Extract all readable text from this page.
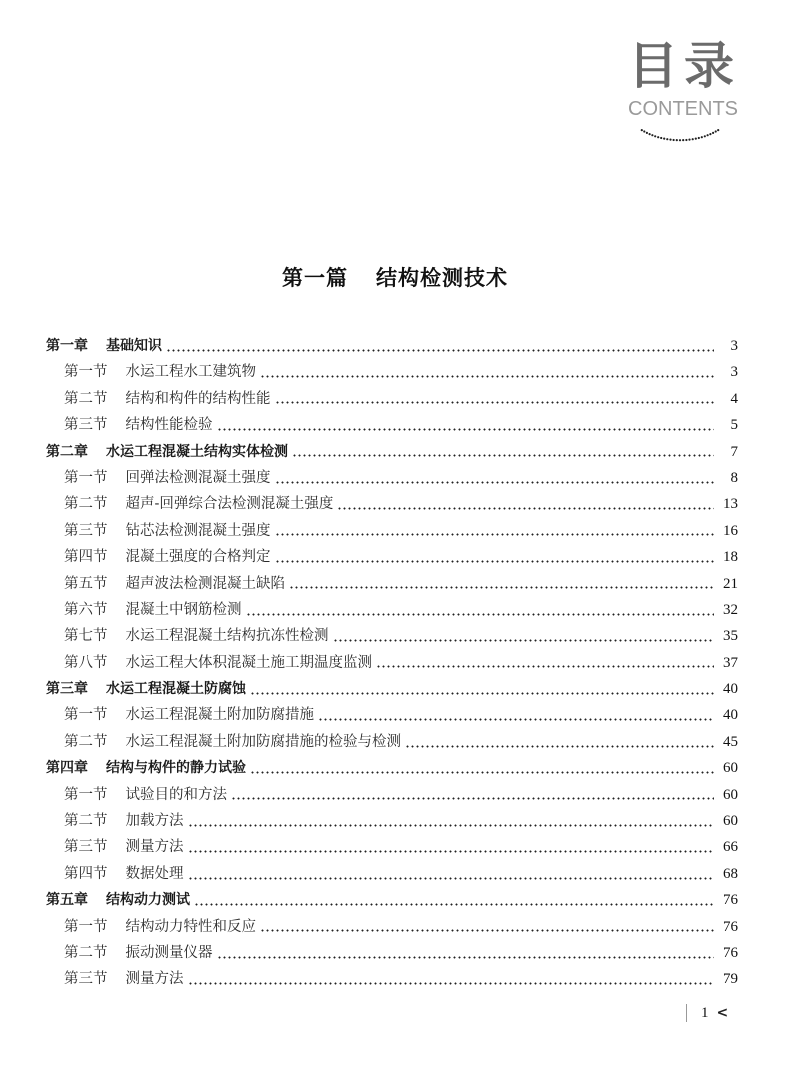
目录
CONTENTS
第一篇 结构检测技术
第一章 基础知识	3
第一节 水运工程水工建筑物	3
第二节 结构和构件的结构性能	4
第三节 结构性能检验	5
第二章 水运工程混凝土结构实体检测	7
第一节 回弹法检测混凝土强度	8
第二节 超声-回弹综合法检测混凝土强度	13
第三节 钻芯法检测混凝土强度	16
第四节 混凝土强度的合格判定	18
第五节 超声波法检测混凝土缺陷	21
第六节 混凝土中钢筋检测	32
第七节 水运工程混凝土结构抗冻性检测	35
第八节 水运工程大体积混凝土施工期温度监测	37
第三章 水运工程混凝土防腐蚀	40
第一节 水运工程混凝土附加防腐措施	40
第二节 水运工程混凝土附加防腐措施的检验与检测	45
第四章 结构与构件的静力试验	60
第一节 试验目的和方法	60
第二节 加载方法	60
第三节 测量方法	66
第四节 数据处理	68
第五章 结构动力测试	76
第一节 结构动力特性和反应	76
第二节 振动测量仪器	76
第三节 测量方法	79
1 <
